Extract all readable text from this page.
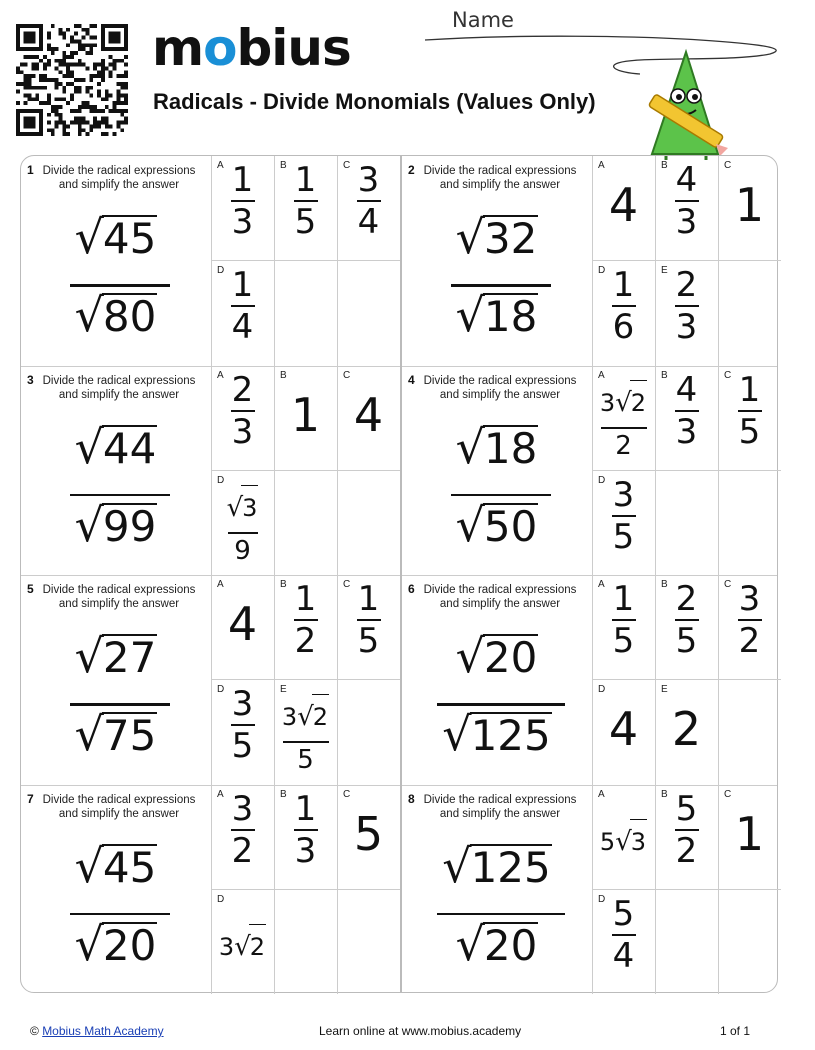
mobius
Radicals - Divide Monomials (Values Only)
Name
1 Divide the radical expressions and simplify the answer
√45
√80
A 1
3
B 1
5
C 3
4
D 1
4
2 Divide the radical expressions and simplify the answer
√32
√18
A
4
B 4
3
C
1
D 1
6
E 2
3
3 Divide the radical expressions and simplify the answer
√44
√99
A 2
3
B
1
C
4
D
√3
9
4 Divide the radical expressions and simplify the answer
√18
√50
A
3√2
2
B 4
3
C 1
5
D 3
5
5 Divide the radical expressions and simplify the answer
√27
√75
A
4
B 1
2
C 1
5
D 3
5
E
3√2
5
6 Divide the radical expressions and simplify the answer
√20
√125
A 1
5
B 2
5
C 3
2
D
4
E
2
7 Divide the radical expressions and simplify the answer
√45
√20
A 3
2
B 1
3
C
5
D
3√2
8 Divide the radical expressions and simplify the answer
√125
√20
A
5√3
B 5
2
C
1
D 5
4
© Mobius Math Academy	Learn online at www.mobius.academy	1 of 1
